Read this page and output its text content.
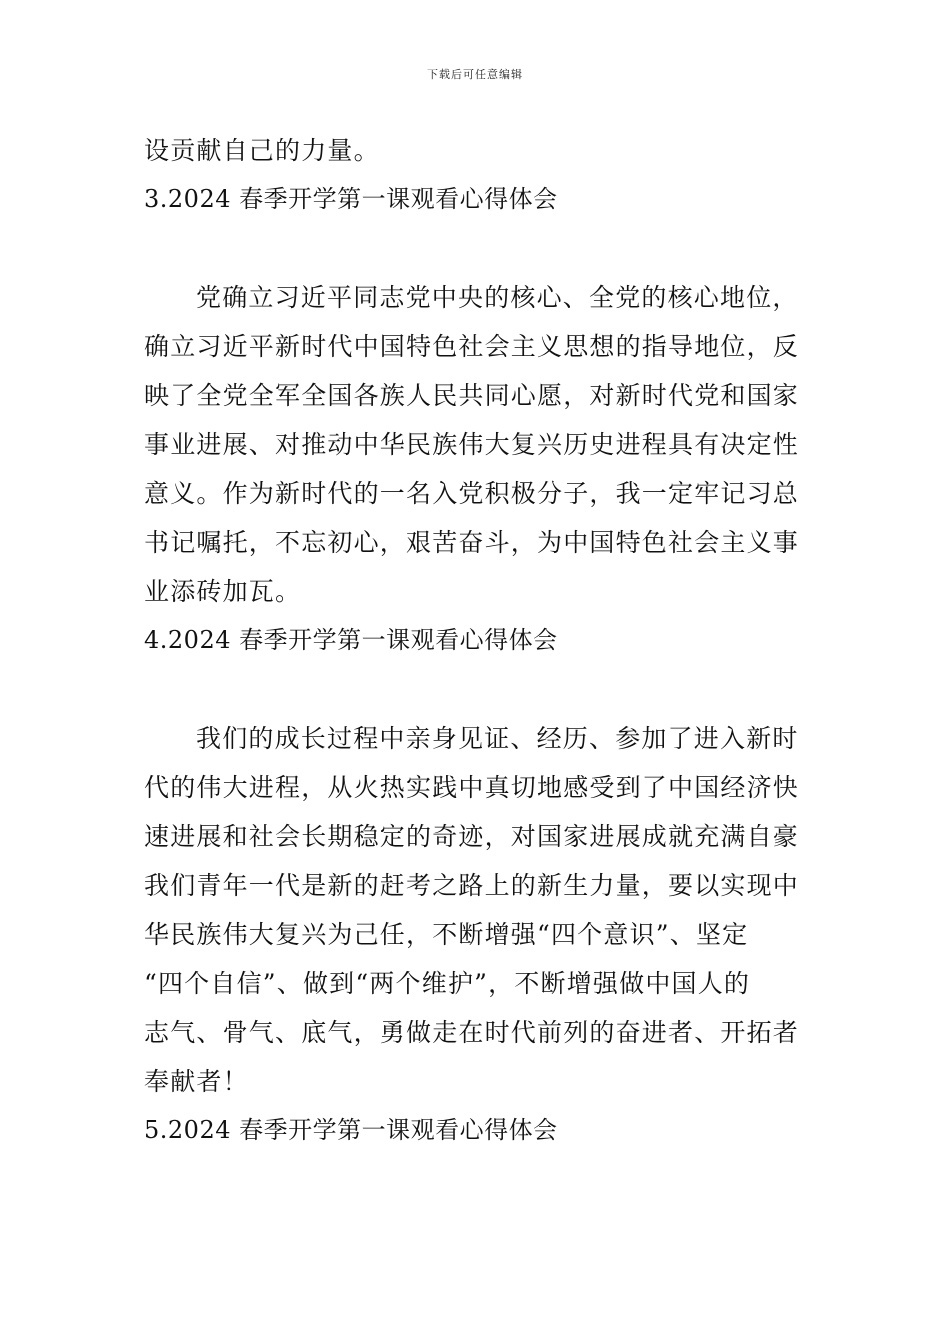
下载后可任意编辑
设贡献自己的力量。
3.2024 春季开学第一课观看心得体会
党确立习近平同志党中央的核心、全党的核心地位，
确立习近平新时代中国特色社会主义思想的指导地位，反
映了全党全军全国各族人民共同心愿，对新时代党和国家
事业进展、对推动中华民族伟大复兴历史进程具有决定性
意义。作为新时代的一名入党积极分子，我一定牢记习总
书记嘱托，不忘初心，艰苦奋斗，为中国特色社会主义事
业添砖加瓦。
4.2024 春季开学第一课观看心得体会
我们的成长过程中亲身见证、经历、参加了进入新时
代的伟大进程，从火热实践中真切地感受到了中国经济快
速进展和社会长期稳定的奇迹，对国家进展成就充满自豪
我们青年一代是新的赶考之路上的新生力量，要以实现中
华民族伟大复兴为己任，不断增强“四个意识”、坚定
“四个自信”、做到“两个维护”，不断增强做中国人的
志气、骨气、底气，勇做走在时代前列的奋进者、开拓者
奉献者！
5.2024 春季开学第一课观看心得体会
